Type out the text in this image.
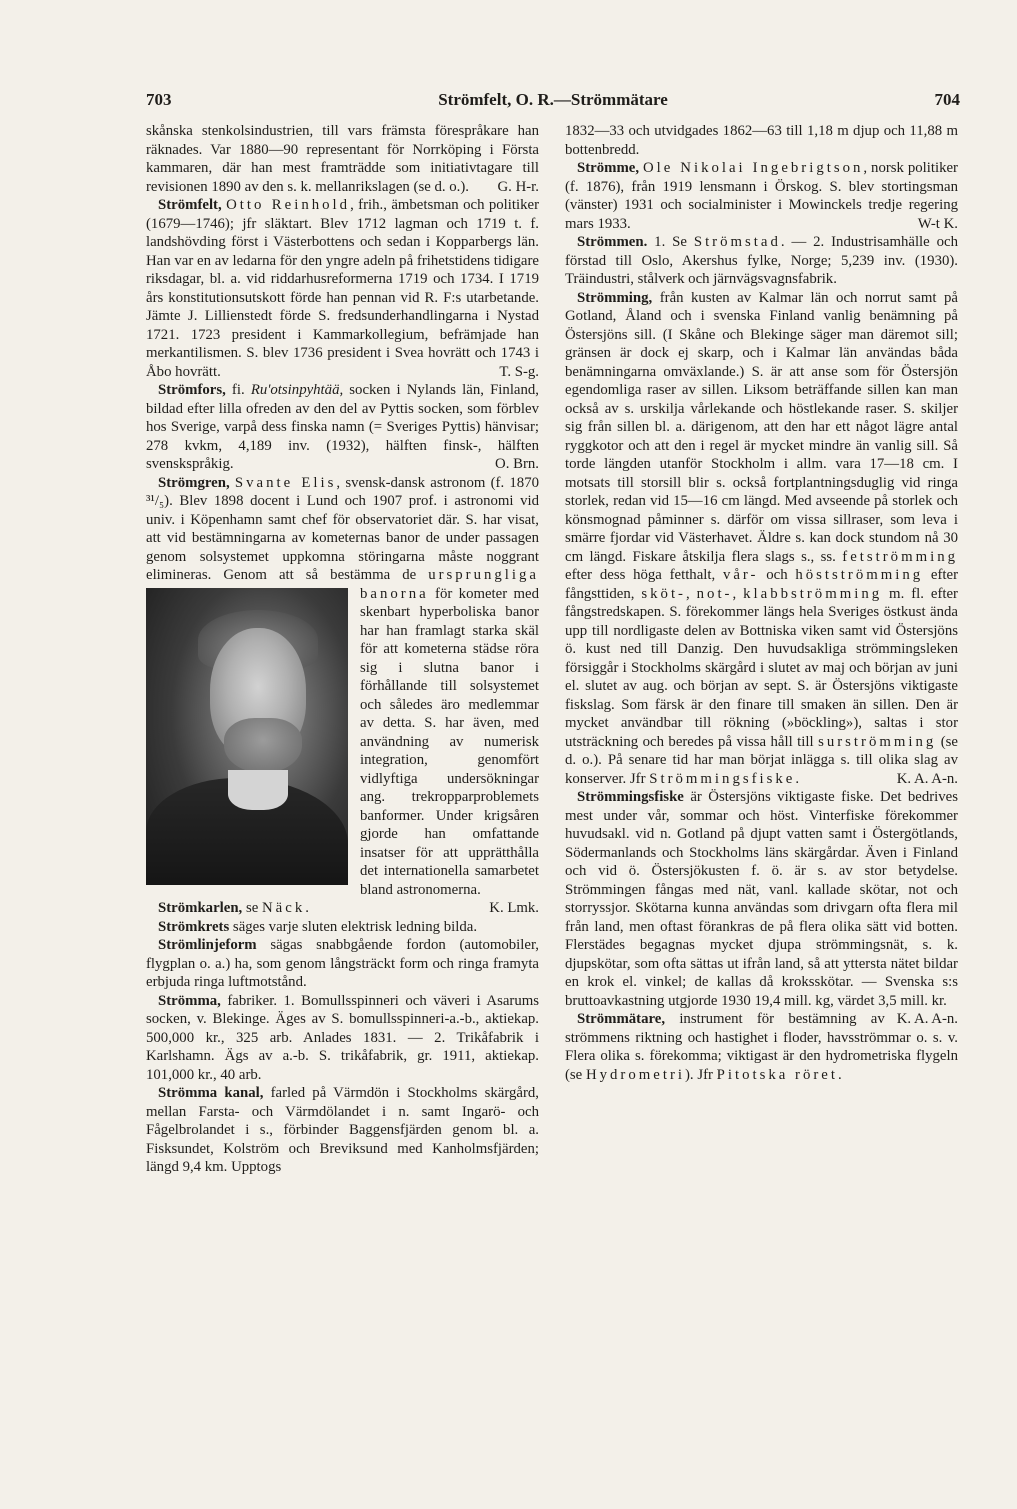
Strömfelt, O. R.—Strömmätare
703	704

skånska stenkolsindustrien, till vars främsta förespråkare han räknades. Var 1880—90 representant för Norrköping i Första kammaren, där han mest framträdde som initiativtagare till revisionen 1890 av den s. k. mellanrikslagen (se d. o.). G. H-r.

Strömfelt, Otto Reinhold, frih., ämbetsman och politiker (1679—1746); jfr släktart. Blev 1712 lagman och 1719 t. f. landshövding först i Västerbottens och sedan i Kopparbergs län. Han var en av ledarna för den yngre adeln på frihetstidens tidigare riksdagar, bl. a. vid riddarhusreformerna 1719 och 1734. I 1719 års konstitutionsutskott förde han pennan vid R. F:s utarbetande. Jämte J. Lillienstedt förde S. fredsunderhandlingarna i Nystad 1721. 1723 president i Kammarkollegium, befrämjade han merkantilismen. S. blev 1736 president i Svea hovrätt och 1743 i Åbo hovrätt.	T. S-g.

Strömfors, fi. Ru'otsinpyhtää, socken i Nylands län, Finland, bildad efter lilla ofreden av den del av Pyttis socken, som förblev hos Sverige, varpå dess finska namn (= Sveriges Pyttis) hänvisar; 278 kvkm, 4,189 inv. (1932), hälften finsk-, hälften svenskspråkig.	O. Brn.

Strömgren, Svante Elis, svensk-dansk astronom (f. 1870 ³¹/₅). Blev 1898 docent i Lund och 1907 prof. i astronomi vid univ. i Köpenhamn samt chef för observatoriet där. S. har visat, att vid bestämningarna av kometernas banor de under passagen genom solsystemet uppkomna störingarna måste noggrant elimineras. Genom att så bestämma de
ursprungliga banorna för kometer med skenbart hyperboliska banor har han framlagt starka skäl för att kometerna städse röra sig i slutna banor i förhållande till solsystemet och således äro medlemmar av detta. S. har även, med användning av numerisk integration, genomfört vidlyftiga undersökningar ang. trekropparproblemets banformer. Under krigsåren gjorde han omfattande insatser för att upprätthålla det internationella samarbetet bland astronomerna.
K. Lmk.

Strömkarlen, se Näck.

Strömkrets säges varje sluten elektrisk ledning bilda.

Strömlinjeform sägas snabbgående fordon (automobiler, flygplan o. a.) ha, som genom långsträckt form och ringa framyta erbjuda ringa luftmotstånd.

Strömma, fabriker. 1. Bomullsspinneri och väveri i Asarums socken, v. Blekinge. Äges av S. bomullsspinneri-a.-b., aktiekap. 500,000 kr., 325 arb. Anlades 1831. — 2. Trikåfabrik i Karlshamn. Ägs av a.-b. S. trikåfabrik, gr. 1911, aktiekap. 101,000 kr., 40 arb.

Strömma kanal, farled på Värmdön i Stockholms skärgård, mellan Farsta- och Värmdölandet i n. samt Ingarö- och Fågelbrolandet i s., förbinder Baggensfjärden genom bl. a. Fisksundet, Kolström och Breviksund med Kanholmsfjärden; längd 9,4 km. Upptogs

1832—33 och utvidgades 1862—63 till 1,18 m djup och 11,88 m bottenbredd.

Strömme, Ole Nikolai Ingebrigtson, norsk politiker (f. 1876), från 1919 lensmann i Örskog. S. blev stortingsman (vänster) 1931 och socialminister i Mowinckels tredje regering mars 1933.	W-t K.

Strömmen. 1. Se Strömstad. — 2. Industrisamhälle och förstad till Oslo, Akershus fylke, Norge; 5,239 inv. (1930). Träindustri, stålverk och järnvägsvagnsfabrik.

Strömming, från kusten av Kalmar län och norrut samt på Gotland, Åland och i svenska Finland vanlig benämning på Östersjöns sill. (I Skåne och Blekinge säger man däremot sill; gränsen är dock ej skarp, och i Kalmar län användas båda benämningarna omväxlande.) S. är att anse som för Östersjön egendomliga raser av sillen. Liksom beträffande sillen kan man också av s. urskilja vårlekande och höstlekande raser. S. skiljer sig från sillen bl. a. därigenom, att den har ett något lägre antal ryggkotor och att den i regel är mycket mindre än vanlig sill. Så torde längden utanför Stockholm i allm. vara 17—18 cm. I motsats till storsill blir s. också fortplantningsduglig vid ringa storlek, redan vid 15—16 cm längd. Med avseende på storlek och könsmognad påminner s. därför om vissa sillraser, som leva i smärre fjordar vid Västerhavet. Äldre s. kan dock stundom nå 30 cm längd. Fiskare åtskilja flera slags s., ss. fetströmming efter dess höga fetthalt, vår- och höstströmming efter fångsttiden, sköt-, not-, klabbströmming m. fl. efter fångstredskapen. S. förekommer längs hela Sveriges östkust ända upp till nordligaste delen av Bottniska viken samt vid Östersjöns ö. kust ned till Danzig. Den huvudsakliga strömmingsleken försiggår i Stockholms skärgård i slutet av maj och början av juni el. slutet av aug. och början av sept. S. är Östersjöns viktigaste fiskslag. Som färsk är den finare till smaken än sillen. Den är mycket användbar till rökning (»böckling»), saltas i stor utsträckning och beredes på vissa håll till surströmming (se d. o.). På senare tid har man börjat inlägga s. till olika slag av konserver. Jfr Strömmingsfiske.	K. A. A-n.

Strömmingsfiske är Östersjöns viktigaste fiske. Det bedrives mest under vår, sommar och höst. Vinterfiske förekommer huvudsakl. vid n. Gotland på djupt vatten samt i Östergötlands, Södermanlands och Stockholms läns skärgårdar. Även i Finland och vid ö. Östersjökusten f. ö. är s. av stor betydelse. Strömmingen fångas med nät, vanl. kallade skötar, not och storryssjor. Skötarna kunna användas som drivgarn ofta flera mil från land, men oftast förankras de på flera olika sätt vid botten. Flerstädes begagnas mycket djupa strömmingsnät, s. k. djupskötar, som ofta sättas ut ifrån land, så att yttersta nätet bildar en krok el. vinkel; de kallas då kroksskötar. — Svenska s:s bruttoavkastning utgjorde 1930 19,4 mill. kg, värdet 3,5 mill. kr.
K. A. A-n.

Strömmätare, instrument för bestämning av strömmens riktning och hastighet i floder, havsströmmar o. s. v. Flera olika s. förekomma; viktigast är den hydrometriska flygeln (se Hydrometri). Jfr Pitotska röret.
